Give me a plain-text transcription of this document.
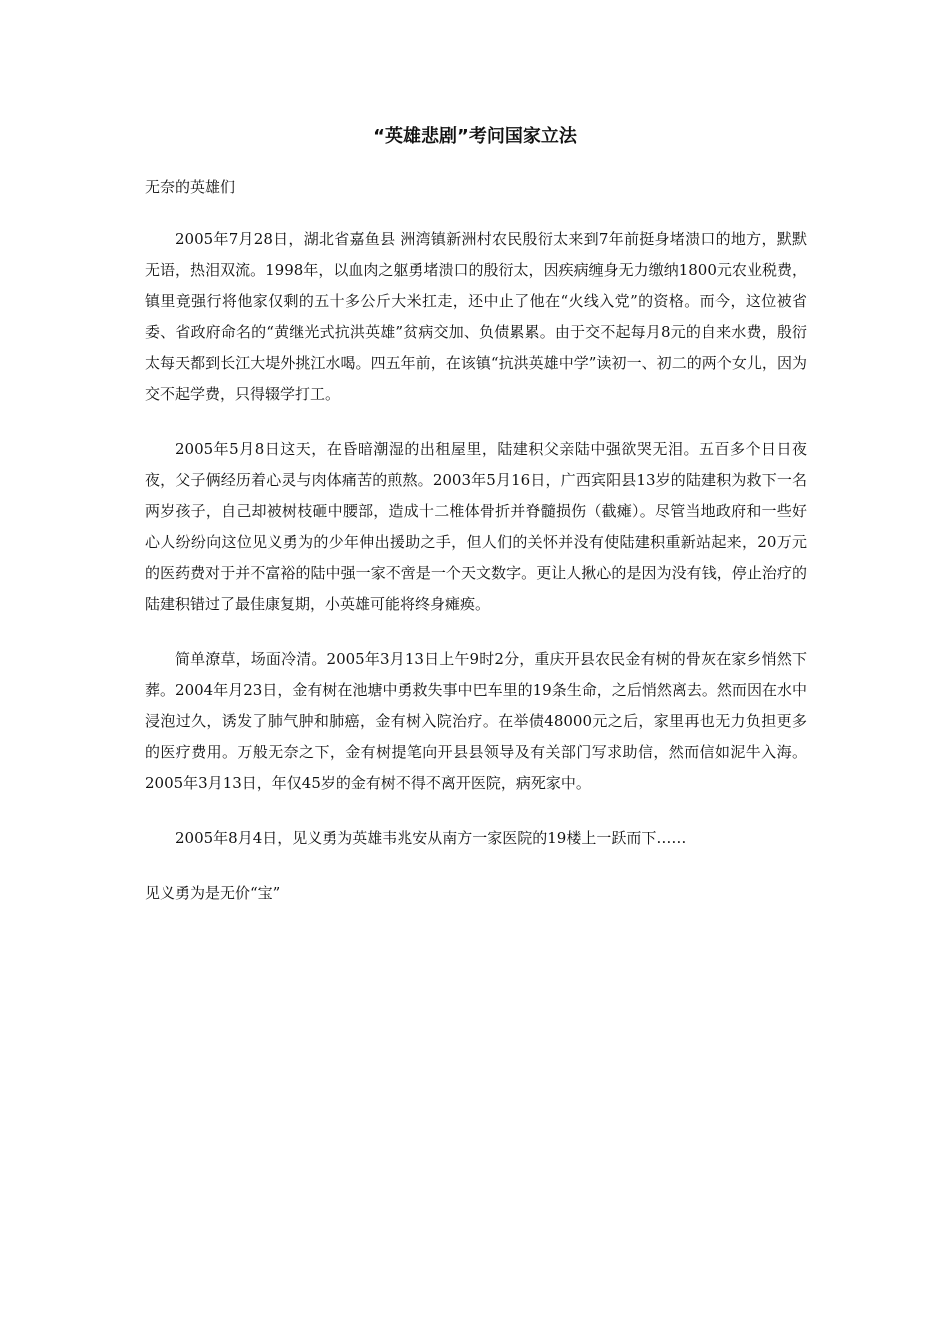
“英雄悲剧”考问国家立法

无奈的英雄们

2005年7月28日，湖北省嘉鱼县 洲湾镇新洲村农民殷衍太来到7年前挺身堵溃口的地方，默默无语，热泪双流。1998年，以血肉之躯勇堵溃口的殷衍太，因疾病缠身无力缴纳1800元农业税费，镇里竟强行将他家仅剩的五十多公斤大米扛走，还中止了他在“火线入党”的资格。而今，这位被省委、省政府命名的“黄继光式抗洪英雄”贫病交加、负债累累。由于交不起每月8元的自来水费，殷衍太每天都到长江大堤外挑江水喝。四五年前，在该镇“抗洪英雄中学”读初一、初二的两个女儿，因为交不起学费，只得辍学打工。

2005年5月8日这天，在昏暗潮湿的出租屋里，陆建积父亲陆中强欲哭无泪。五百多个日日夜夜，父子俩经历着心灵与肉体痛苦的煎熬。2003年5月16日，广西宾阳县13岁的陆建积为救下一名两岁孩子，自己却被树枝砸中腰部，造成十二椎体骨折并脊髓损伤（截瘫）。尽管当地政府和一些好心人纷纷向这位见义勇为的少年伸出援助之手，但人们的关怀并没有使陆建积重新站起来，20万元的医药费对于并不富裕的陆中强一家不啻是一个天文数字。更让人揪心的是因为没有钱，停止治疗的陆建积错过了最佳康复期，小英雄可能将终身瘫痪。

简单潦草，场面冷清。2005年3月13日上午9时2分，重庆开县农民金有树的骨灰在家乡悄然下葬。2004年月23日，金有树在池塘中勇救失事中巴车里的19条生命，之后悄然离去。然而因在水中浸泡过久，诱发了肺气肿和肺癌，金有树入院治疗。在举债48000元之后，家里再也无力负担更多的医疗费用。万般无奈之下，金有树提笔向开县县领导及有关部门写求助信，然而信如泥牛入海。2005年3月13日，年仅45岁的金有树不得不离开医院，病死家中。

2005年8月4日，见义勇为英雄韦兆安从南方一家医院的19楼上一跃而下……

见义勇为是无价“宝”
